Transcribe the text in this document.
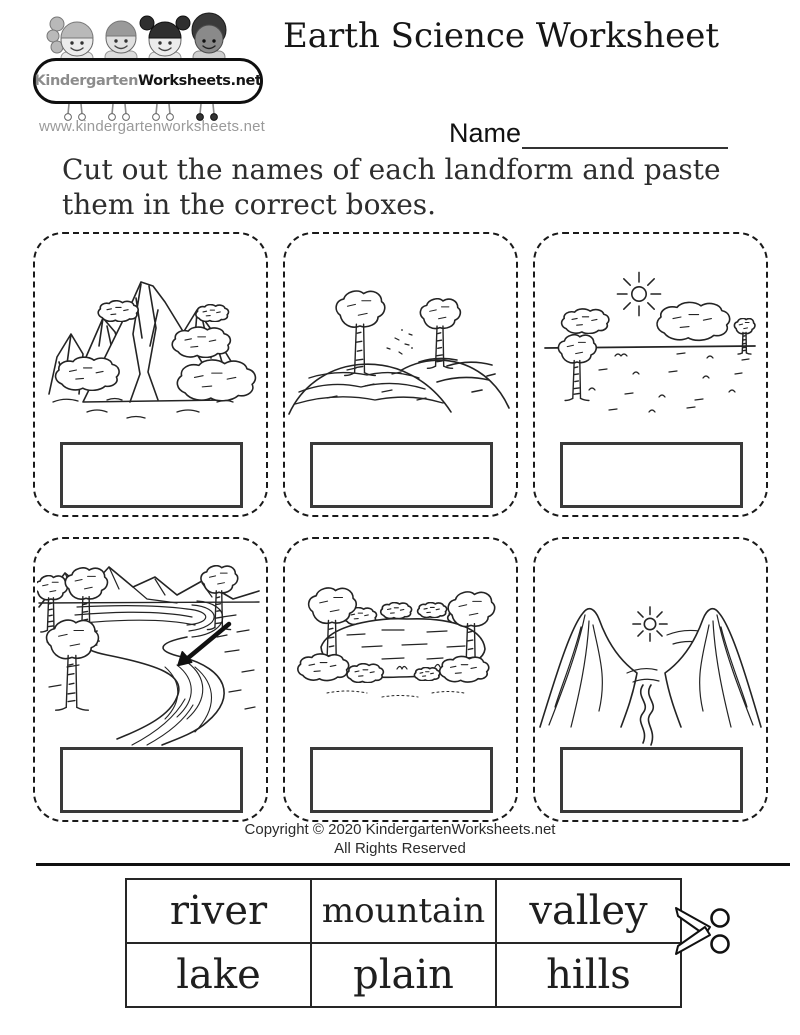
Kindergarten Worksheets.net
www.kindergartenworksheets.net
Earth Science Worksheet
Name

Cut out the names of each landform and paste them in the correct boxes.

Copyright © 2020 KindergartenWorksheets.net
All Rights Reserved
river	mountain	valley
lake	plain	hills
